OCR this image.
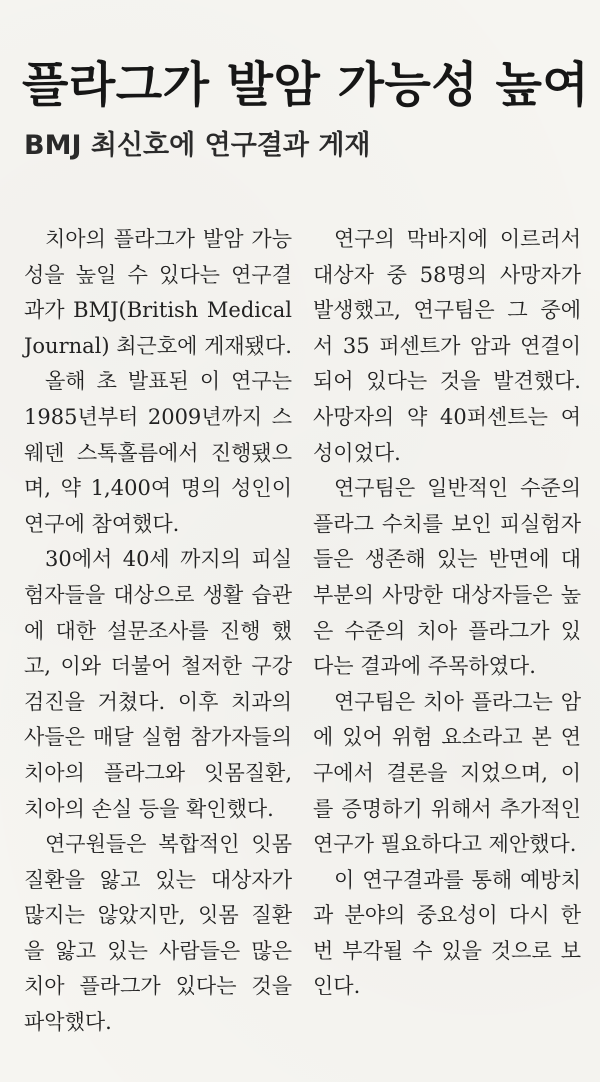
플라그가 발암 가능성 높여
BMJ 최신호에 연구결과 게재

치아의 플라그가 발암 가능성을 높일 수 있다는 연구결과가 BMJ(British Medical Journal) 최근호에 게재됐다.

올해 초 발표된 이 연구는 1985년부터 2009년까지 스웨덴 스톡홀름에서 진행됐으며, 약 1,400여 명의 성인이 연구에 참여했다.

30에서 40세 까지의 피실험자들을 대상으로 생활 습관에 대한 설문조사를 진행 했고, 이와 더불어 철저한 구강검진을 거쳤다. 이후 치과의사들은 매달 실험 참가자들의 치아의 플라그와 잇몸질환, 치아의 손실 등을 확인했다.

연구원들은 복합적인 잇몸질환을 앓고 있는 대상자가 많지는 않았지만, 잇몸 질환을 앓고 있는 사람들은 많은 치아 플라그가 있다는 것을 파악했다.

연구의 막바지에 이르러서 대상자 중 58명의 사망자가 발생했고, 연구팀은 그 중에서 35 퍼센트가 암과 연결이 되어 있다는 것을 발견했다. 사망자의 약 40퍼센트는 여성이었다.

연구팀은 일반적인 수준의 플라그 수치를 보인 피실험자들은 생존해 있는 반면에 대부분의 사망한 대상자들은 높은 수준의 치아 플라그가 있다는 결과에 주목하였다.

연구팀은 치아 플라그는 암에 있어 위험 요소라고 본 연구에서 결론을 지었으며, 이를 증명하기 위해서 추가적인 연구가 필요하다고 제안했다.

이 연구결과를 통해 예방치과 분야의 중요성이 다시 한 번 부각될 수 있을 것으로 보인다.
